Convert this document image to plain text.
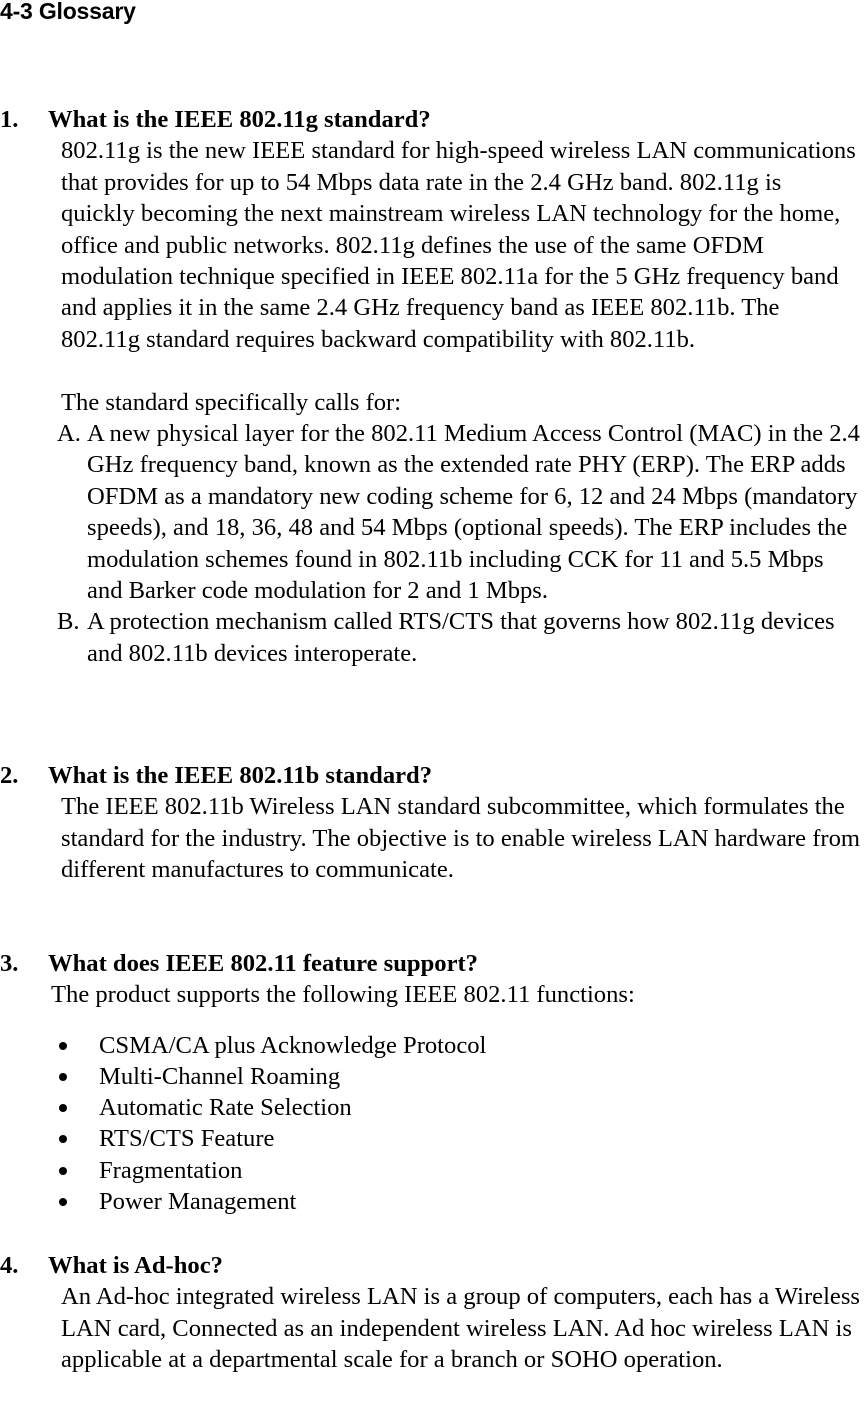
4-3 Glossary
1. What is the IEEE 802.11g standard?

802.11g is the new IEEE standard for high-speed wireless LAN communications that provides for up to 54 Mbps data rate in the 2.4 GHz band. 802.11g is quickly becoming the next mainstream wireless LAN technology for the home, office and public networks. 802.11g defines the use of the same OFDM modulation technique specified in IEEE 802.11a for the 5 GHz frequency band and applies it in the same 2.4 GHz frequency band as IEEE 802.11b. The 802.11g standard requires backward compatibility with 802.11b.

The standard specifically calls for:

A. A new physical layer for the 802.11 Medium Access Control (MAC) in the 2.4 GHz frequency band, known as the extended rate PHY (ERP). The ERP adds OFDM as a mandatory new coding scheme for 6, 12 and 24 Mbps (mandatory speeds), and 18, 36, 48 and 54 Mbps (optional speeds). The ERP includes the modulation schemes found in 802.11b including CCK for 11 and 5.5 Mbps and Barker code modulation for 2 and 1 Mbps.
B. A protection mechanism called RTS/CTS that governs how 802.11g devices and 802.11b devices interoperate.
2. What is the IEEE 802.11b standard?

The IEEE 802.11b Wireless LAN standard subcommittee, which formulates the standard for the industry. The objective is to enable wireless LAN hardware from different manufactures to communicate.

3. What does IEEE 802.11 feature support?

The product supports the following IEEE 802.11 functions:

CSMA/CA plus Acknowledge Protocol
Multi-Channel Roaming
Automatic Rate Selection
RTS/CTS Feature
Fragmentation
Power Management
4. What is Ad-hoc?

An Ad-hoc integrated wireless LAN is a group of computers, each has a Wireless LAN card, Connected as an independent wireless LAN. Ad hoc wireless LAN is applicable at a departmental scale for a branch or SOHO operation.
